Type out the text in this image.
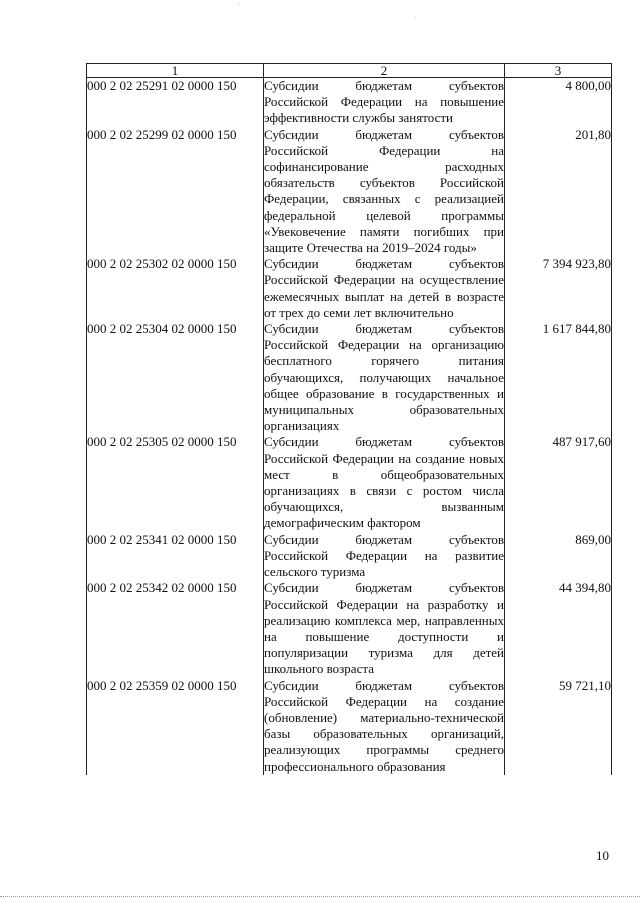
'
.
1	2	3
000 2 02 25291 02 0000 150	Субсидии бюджетам субъектов Российской Федерации на повышение эффективности службы занятости	4 800,00
000 2 02 25299 02 0000 150	Субсидии бюджетам субъектов Российской Федерации на софинансирование расходных обязательств субъектов Российской Федерации, связанных с реализацией федеральной целевой программы «Увековечение памяти погибших при защите Отечества на 2019–2024 годы»	201,80
000 2 02 25302 02 0000 150	Субсидии бюджетам субъектов Российской Федерации на осуществление ежемесячных выплат на детей в возрасте от трех до семи лет включительно	7 394 923,80
000 2 02 25304 02 0000 150	Субсидии бюджетам субъектов Российской Федерации на организацию бесплатного горячего питания обучающихся, получающих начальное общее образование в государственных и муниципальных образовательных организациях	1 617 844,80
000 2 02 25305 02 0000 150	Субсидии бюджетам субъектов Российской Федерации на создание новых мест в общеобразовательных организациях в связи с ростом числа обучающихся, вызванным демографическим фактором	487 917,60
000 2 02 25341 02 0000 150	Субсидии бюджетам субъектов Российской Федерации на развитие сельского туризма	869,00
000 2 02 25342 02 0000 150	Субсидии бюджетам субъектов Российской Федерации на разработку и реализацию комплекса мер, направленных на повышение доступности и популяризации туризма для детей школьного возраста	44 394,80
000 2 02 25359 02 0000 150	Субсидии бюджетам субъектов Российской Федерации на создание (обновление) материально-технической базы образовательных организаций, реализующих программы среднего профессионального образования	59 721,10
10
